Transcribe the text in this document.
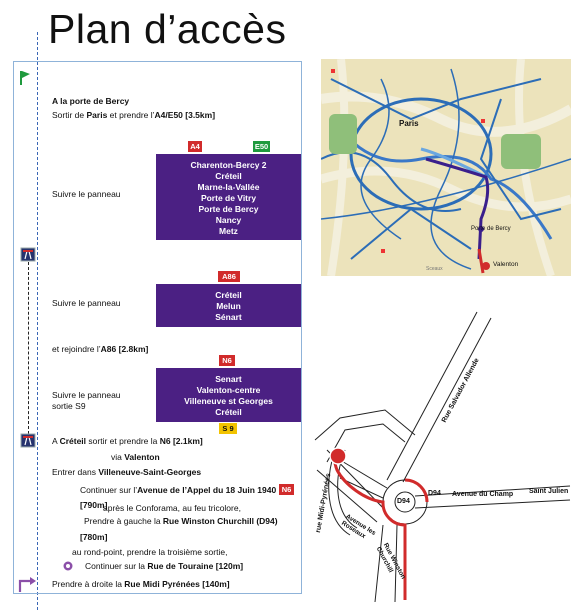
Plan d’accès
A la porte de Bercy
Sortir de Paris et prendre l’A4/E50 [3.5km]
A4	E50
Charenton-Bercy 2
Créteil
Marne-la-Vallée
Porte de Vitry
Porte de Bercy
Nancy
Metz
Suivre le panneau
A86
Créteil
Melun
Sénart
Suivre le panneau
et rejoindre l’A86 [2.8km]
N6
Senart
Valenton-centre
Villeneuve st Georges
Créteil
S 9
Suivre le panneau
sortie S9
A Créteil sortir et prendre la N6 [2.1km]
via Valenton
Entrer dans Villeneuve-Saint-Georges
Continuer sur l’Avenue de l’Appel du 18 Juin 1940 N6
[790m]
après le Conforama, au feu tricolore,
Prendre à gauche la Rue Winston Churchill (D94)
[780m]
au rond-point, prendre la troisième sortie,
Continuer sur la Rue de Touraine [120m]
Prendre à droite la Rue Midi Pyrénées [140m]
Paris
Porte de Bercy
Valenton
Sceaux
Rue Salvador Allende
rue Midi-Pyrénées	Avenue les Roseaux
Rue Winston Churchill
D94
D94 Avenue du Champ Saint Julien
